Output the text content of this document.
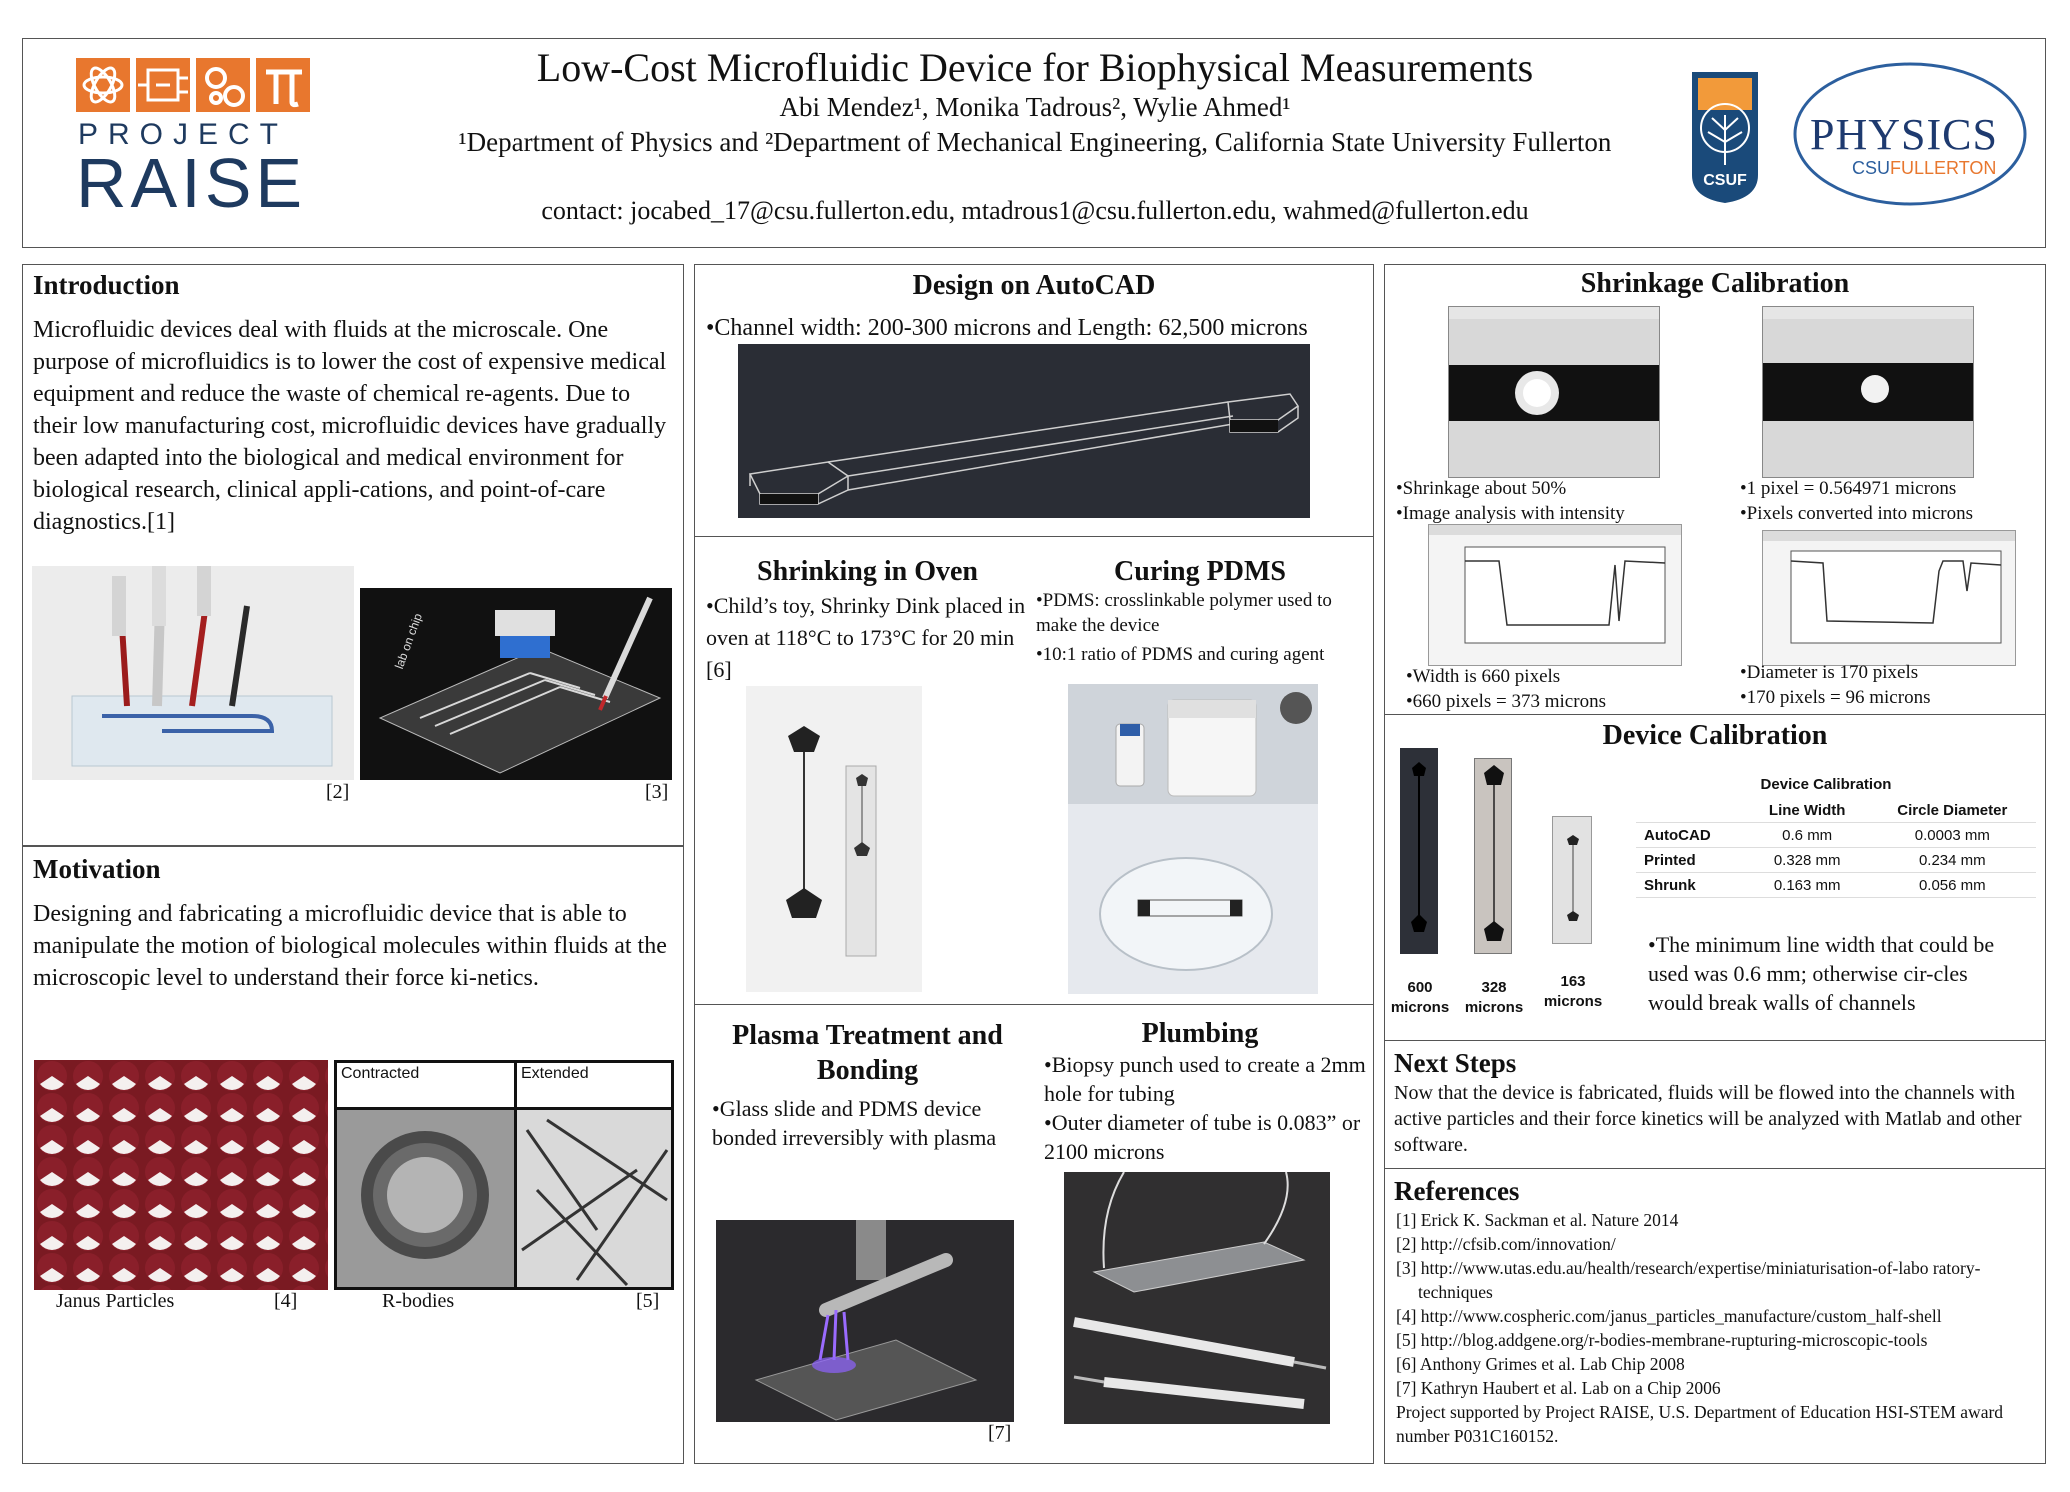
PROJECT
RAISE
Low-Cost Microfluidic Device for Biophysical Measurements
Abi Mendez¹, Monika Tadrous², Wylie Ahmed¹
¹Department of Physics and ²Department of Mechanical Engineering, California State University Fullerton
contact: jocabed_17@csu.fullerton.edu, mtadrous1@csu.fullerton.edu, wahmed@fullerton.edu
CSUF
PHYSICS
CSUFULLERTON
Introduction
Microfluidic devices deal with fluids at the microscale. One purpose of microfluidics is to lower the cost of expensive medical equipment and reduce the waste of chemical re-agents. Due to their low manufacturing cost, microfluidic devices have gradually been adapted into the biological and medical environment for biological research, clinical appli-cations, and point-of-care diagnostics.[1]
[2]
lab on chip
[3]
Motivation
Designing and fabricating a microfluidic device that is able to manipulate the motion of biological molecules within fluids at the microscopic level to understand their force ki-netics.
Janus Particles	[4]
Contracted	Extended
R-bodies	[5]
Design on AutoCAD
•Channel width: 200-300 microns and Length: 62,500 microns
Shrinking in Oven
•Child’s toy, Shrinky Dink placed in oven at 118°C to 173°C for 20 min [6]
Curing PDMS
•PDMS: crosslinkable polymer used to make the device
•10:1 ratio of PDMS and curing agent
Plasma Treatment and Bonding
•Glass slide and PDMS device bonded irreversibly with plasma
[7]
Plumbing
•Biopsy punch used to create a 2mm hole for tubing
•Outer diameter of tube is 0.083” or 2100 microns
Shrinkage Calibration
•Shrinkage about 50%
•Image analysis with intensity
•1 pixel = 0.564971 microns
•Pixels converted into microns
•Width is 660 pixels
•660 pixels = 373 microns
•Diameter is 170 pixels
•170 pixels = 96 microns
Device Calibration
600
microns
328
microns
163
microns
Device Calibration
	Line Width	Circle Diameter
AutoCAD	0.6 mm	0.0003 mm
Printed	0.328 mm	0.234 mm
Shrunk	0.163 mm	0.056 mm
•The minimum line width that could be used was 0.6 mm; otherwise cir-cles would break walls of channels
Next Steps
Now that the device is fabricated, fluids will be flowed into the channels with active particles and their force kinetics will be analyzed with Matlab and other software.
References
[1] Erick K. Sackman et al. Nature 2014
[2] http://cfsib.com/innovation/
[3] http://www.utas.edu.au/health/research/expertise/miniaturisation-of-labo ratory-techniques
[4] http://www.cospheric.com/janus_particles_manufacture/custom_half-shell
[5] http://blog.addgene.org/r-bodies-membrane-rupturing-microscopic-tools
[6] Anthony Grimes et al. Lab Chip 2008
[7] Kathryn Haubert et al. Lab on a Chip 2006
Project supported by Project RAISE, U.S. Department of Education HSI-STEM award number P031C160152.
